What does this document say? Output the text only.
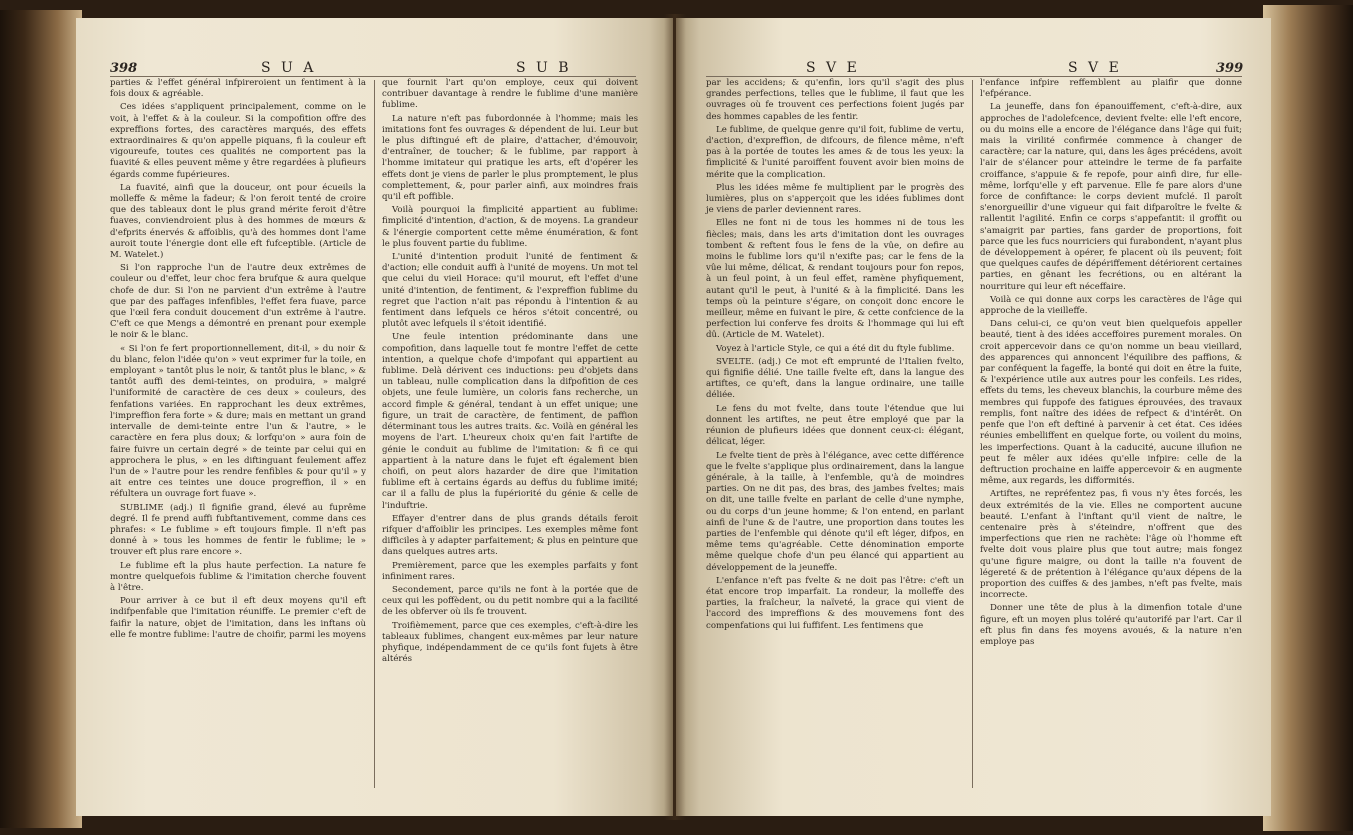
398	S U A	S U B

parties & l'effet général infpireroient un fentiment à la fois doux & agréable.

Ces idées s'appliquent principalement, comme on le voit, à l'effet & à la couleur. Si la compofition offre des expreffions fortes, des caractères marqués, des effets extraordinaires & qu'on appelle piquans, fi la couleur eft vigoureufe, toutes ces qualités ne comportent pas la fuavité & elles peuvent même y être regardées à plufieurs égards comme fupérieures.

La fuavité, ainfi que la douceur, ont pour écueils la molleffe & même la fadeur; & l'on feroit tenté de croire que des tableaux dont le plus grand mérite feroit d'être fuaves, conviendroient plus à des hommes de mœurs & d'efprits énervés & affoiblis, qu'à des hommes dont l'ame auroit toute l'énergie dont elle eft fufceptible. (Article de M. Watelet.)

Si l'on rapproche l'un de l'autre deux extrêmes de couleur ou d'effet, leur choc fera brufque & aura quelque chofe de dur. Si l'on ne parvient d'un extrême à l'autre que par des paffages infenfibles, l'effet fera fuave, parce que l'œil fera conduit doucement d'un extrême à l'autre. C'eft ce que Mengs a démontré en prenant pour exemple le noir & le blanc.

« Si l'on fe fert proportionnellement, dit-il, » du noir & du blanc, felon l'idée qu'on » veut exprimer fur la toile, en employant » tantôt plus le noir, & tantôt plus le blanc, » & tantôt auffi des demi-teintes, on produira, » malgré l'uniformité de caractère de ces deux » couleurs, des fenfations variées. En rapprochant les deux extrêmes, l'impreffion fera forte » & dure; mais en mettant un grand intervalle de demi-teinte entre l'un & l'autre, » le caractère en fera plus doux; & lorfqu'on » aura foin de faire fuivre un certain degré » de teinte par celui qui en approchera le plus, » en les diftinguant feulement affez l'un de » l'autre pour les rendre fenfibles & pour qu'il » y ait entre ces teintes une douce progreffion, il » en réfultera un ouvrage fort fuave ».

SUBLIME (adj.) Il fignifie grand, élevé au fuprême degré. Il fe prend auffi fubftantivement, comme dans ces phrafes: « Le fublime » eft toujours fimple. Il n'eft pas donné à » tous les hommes de fentir le fublime; le » trouver eft plus rare encore ».

Le fublime eft la plus haute perfection. La nature fe montre quelquefois fublime & l'imitation cherche fouvent à l'être.

Pour arriver à ce but il eft deux moyens qu'il eft indifpenfable que l'imitation réuniffe. Le premier c'eft de faifir la nature, objet de l'imitation, dans les inftans où elle fe montre fublime: l'autre de choifir, parmi les moyens

que fournit l'art qu'on employe, ceux qui doivent contribuer davantage à rendre le fublime d'une manière fublime.

La nature n'eft pas fubordonnée à l'homme; mais les imitations font fes ouvrages & dépendent de lui. Leur but le plus diftingué eft de plaire, d'attacher, d'émouvoir, d'entraîner, de toucher; & le fublime, par rapport à l'homme imitateur qui pratique les arts, eft d'opérer les effets dont je viens de parler le plus promptement, le plus complettement, &, pour parler ainfi, aux moindres frais qu'il eft poffible.

Voilà pourquoi la fimplicité appartient au fublime: fimplicité d'intention, d'action, & de moyens. La grandeur & l'énergie comportent cette même énumération, & font le plus fouvent partie du fublime.

L'unité d'intention produit l'unité de fentiment & d'action; elle conduit auffi à l'unité de moyens. Un mot tel que celui du vieil Horace: qu'il mourut, eft l'effet d'une unité d'intention, de fentiment, & l'expreffion fublime du regret que l'action n'ait pas répondu à l'intention & au fentiment dans lefquels ce héros s'étoit concentré, ou plutôt avec lefquels il s'étoit identifié.

Une feule intention prédominante dans une compofition, dans laquelle tout fe montre l'effet de cette intention, a quelque chofe d'impofant qui appartient au fublime. Delà dérivent ces inductions: peu d'objets dans un tableau, nulle complication dans la difpofition de ces objets, une feule lumière, un coloris fans recherche, un accord fimple & général, tendant à un effet unique; une figure, un trait de caractère, de fentiment, de paffion déterminant tous les autres traits. &c. Voilà en général les moyens de l'art. L'heureux choix qu'en fait l'artifte de génie le conduit au fublime de l'imitation: & fi ce qui appartient à la nature dans le fujet eft également bien choifi, on peut alors hazarder de dire que l'imitation fublime eft à certains égards au deffus du fublime imité; car il a fallu de plus la fupériorité du génie & celle de l'induftrie.

Effayer d'entrer dans de plus grands détails feroit rifquer d'affoiblir les principes. Les exemples même font difficiles à y adapter parfaitement; & plus en peinture que dans quelques autres arts.

Premièrement, parce que les exemples parfaits y font infiniment rares.

Secondement, parce qu'ils ne font à la portée que de ceux qui les poffèdent, ou du petit nombre qui a la facilité de les obferver où ils fe trouvent.

Troifièmement, parce que ces exemples, c'eft-à-dire les tableaux fublimes, changent eux-mêmes par leur nature phyfique, indépendamment de ce qu'ils font fujets à être altérés

S V E	S V E	399

par les accidens; & qu'enfin, lors qu'il s'agit des plus grandes perfections, telles que le fublime, il faut que les ouvrages où fe trouvent ces perfections foient jugés par des hommes capables de les fentir.

Le fublime, de quelque genre qu'il foit, fublime de vertu, d'action, d'expreffion, de difcours, de filence même, n'eft pas à la portée de toutes les ames & de tous les yeux: la fimplicité & l'unité paroiffent fouvent avoir bien moins de mérite que la complication.

Plus les idées même fe multiplient par le progrès des lumières, plus on s'apperçoit que les idées fublimes dont je viens de parler deviennent rares.

Elles ne font ni de tous les hommes ni de tous les fiècles; mais, dans les arts d'imitation dont les ouvrages tombent & reftent fous le fens de la vûe, on defire au moins le fublime lors qu'il n'exifte pas; car le fens de la vûe lui même, délicat, & rendant toujours pour fon repos, à un feul point, à un feul effet, ramène phyfiquement, autant qu'il le peut, à l'unité & à la fimplicité. Dans les temps où la peinture s'égare, on conçoit donc encore le meilleur, même en fuivant le pire, & cette confcience de la perfection lui conferve fes droits & l'hommage qui lui eft dû. (Article de M. Watelet).

Voyez à l'article Style, ce qui a été dit du ftyle fublime.

SVELTE. (adj.) Ce mot eft emprunté de l'Italien fvelto, qui fignifie délié. Une taille fvelte eft, dans la langue des artiftes, ce qu'eft, dans la langue ordinaire, une taille déliée.

Le fens du mot fvelte, dans toute l'étendue que lui donnent les artiftes, ne peut être employé que par la réunion de plufieurs idées que donnent ceux-ci: élégant, délicat, léger.

Le fvelte tient de près à l'élégance, avec cette différence que le fvelte s'applique plus ordinairement, dans la langue générale, à la taille, à l'enfemble, qu'à de moindres parties. On ne dit pas, des bras, des jambes fveltes; mais on dit, une taille fvelte en parlant de celle d'une nymphe, ou du corps d'un jeune homme; & l'on entend, en parlant ainfi de l'une & de l'autre, une proportion dans toutes les parties de l'enfemble qui dénote qu'il eft léger, difpos, en même tems qu'agréable. Cette dénomination emporte même quelque chofe d'un peu élancé qui appartient au développement de la jeuneffe.

L'enfance n'eft pas fvelte & ne doit pas l'être: c'eft un état encore trop imparfait. La rondeur, la molleffe des parties, la fraîcheur, la naïveté, la grace qui vient de l'accord des impreffions & des mouvemens font des compenfations qui lui fuffifent. Les fentimens que

l'enfance infpire reffemblent au plaifir que donne l'efpérance.

La jeuneffe, dans fon épanouiffement, c'eft-à-dire, aux approches de l'adolefcence, devient fvelte: elle l'eft encore, ou du moins elle a encore de l'élégance dans l'âge qui fuit; mais la virilité confirmée commence à changer de caractère; car la nature, qui, dans les âges précédens, avoit l'air de s'élancer pour atteindre le terme de fa parfaite croiffance, s'appuie & fe repofe, pour ainfi dire, fur elle-même, lorfqu'elle y eft parvenue. Elle fe pare alors d'une force de confiftance: le corps devient mufclé. Il paroît s'enorgueillir d'une vigueur qui fait difparoître le fvelte & rallentit l'agilité. Enfin ce corps s'appefantit: il groffit ou s'amaigrit par parties, fans garder de proportions, foit parce que les fucs nourriciers qui furabondent, n'ayant plus de développement à opérer, fe placent où ils peuvent; foit que quelques caufes de dépériffement détériorent certaines parties, en gênant les fecrétions, ou en altérant la nourriture qui leur eft néceffaire.

Voilà ce qui donne aux corps les caractères de l'âge qui approche de la vieilleffe.

Dans celui-ci, ce qu'on veut bien quelquefois appeller beauté, tient à des idées acceffoires purement morales. On croit appercevoir dans ce qu'on nomme un beau vieillard, des apparences qui annoncent l'équilibre des paffions, & par conféquent la fageffe, la bonté qui doit en être la fuite, & l'expérience utile aux autres pour les confeils. Les rides, effets du tems, les cheveux blanchis, la courbure même des membres qui fuppofe des fatigues éprouvées, des travaux remplis, font naître des idées de refpect & d'intérêt. On penfe que l'on eft deftiné à parvenir à cet état. Ces idées réunies embelliffent en quelque forte, ou voilent du moins, les imperfections. Quant à la caducité, aucune illufion ne peut fe mêler aux idées qu'elle infpire: celle de la deftruction prochaine en laiffe appercevoir & en augmente même, aux regards, les difformités.

Artiftes, ne repréfentez pas, fi vous n'y êtes forcés, les deux extrémités de la vie. Elles ne comportent aucune beauté. L'enfant à l'inftant qu'il vient de naître, le centenaire près à s'éteindre, n'offrent que des imperfections que rien ne rachète: l'âge où l'homme eft fvelte doit vous plaire plus que tout autre; mais fongez qu'une figure maigre, ou dont la taille n'a fouvent de légereté & de prétention à l'élégance qu'aux dépens de la proportion des cuiffes & des jambes, n'eft pas fvelte, mais incorrecte.

Donner une tête de plus à la dimenfion totale d'une figure, eft un moyen plus toléré qu'autorifé par l'art. Car il eft plus fin dans fes moyens avoués, & la nature n'en employe pas
